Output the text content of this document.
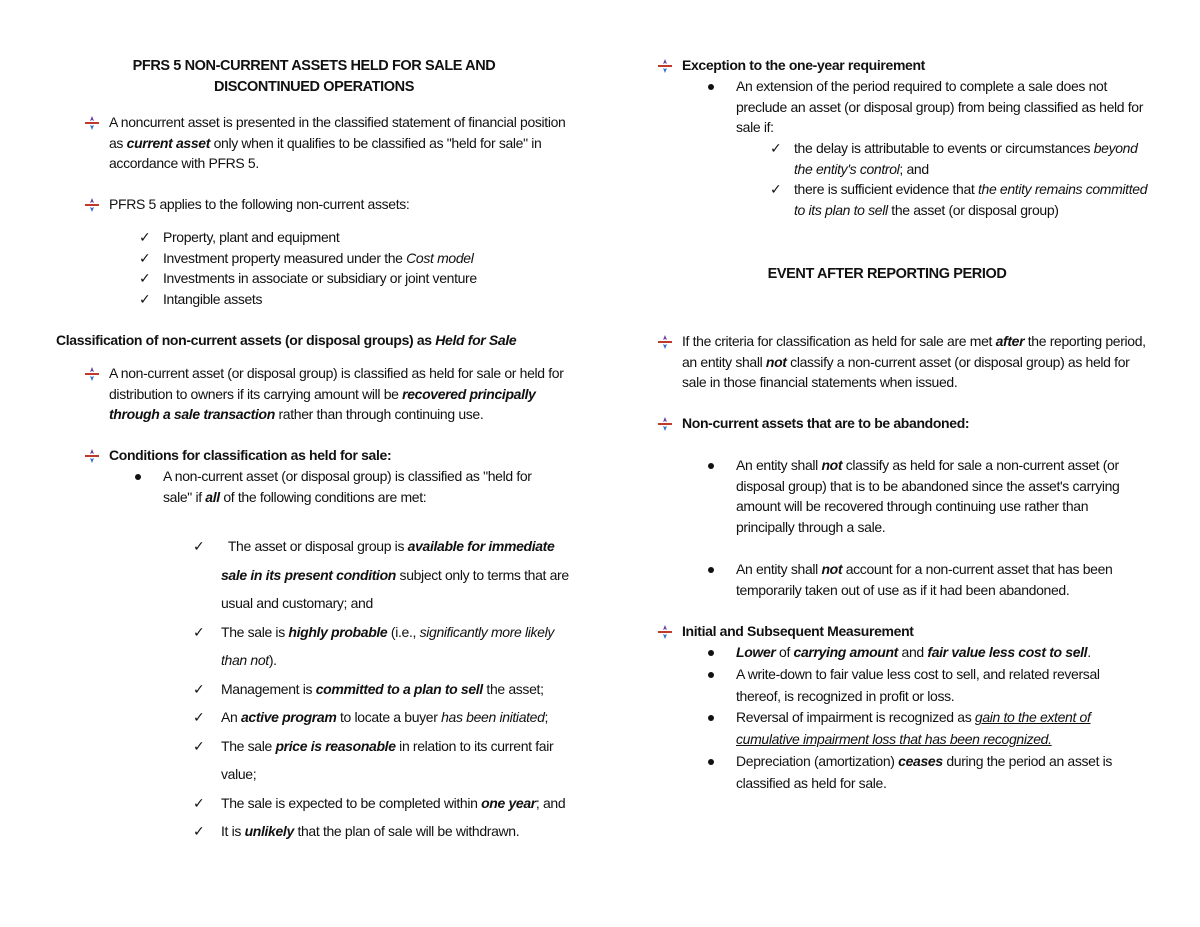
PFRS 5 NON-CURRENT ASSETS HELD FOR SALE AND DISCONTINUED OPERATIONS
A noncurrent asset is presented in the classified statement of financial position as current asset only when it qualifies to be classified as "held for sale" in accordance with PFRS 5.
PFRS 5 applies to the following non-current assets:
✓ Property, plant and equipment
✓ Investment property measured under the Cost model
✓ Investments in associate or subsidiary or joint venture
✓ Intangible assets
Classification of non-current assets (or disposal groups) as Held for Sale
A non-current asset (or disposal group) is classified as held for sale or held for distribution to owners if its carrying amount will be recovered principally through a sale transaction rather than through continuing use.
Conditions for classification as held for sale:
A non-current asset (or disposal group) is classified as "held for sale" if all of the following conditions are met:
✓ The asset or disposal group is available for immediate sale in its present condition subject only to terms that are usual and customary; and
✓ The sale is highly probable (i.e., significantly more likely than not).
✓ Management is committed to a plan to sell the asset;
✓ An active program to locate a buyer has been initiated;
✓ The sale price is reasonable in relation to its current fair value;
✓ The sale is expected to be completed within one year; and
✓ It is unlikely that the plan of sale will be withdrawn.
Exception to the one-year requirement
An extension of the period required to complete a sale does not preclude an asset (or disposal group) from being classified as held for sale if:
✓ the delay is attributable to events or circumstances beyond the entity's control; and
✓ there is sufficient evidence that the entity remains committed to its plan to sell the asset (or disposal group)
EVENT AFTER REPORTING PERIOD
If the criteria for classification as held for sale are met after the reporting period, an entity shall not classify a non-current asset (or disposal group) as held for sale in those financial statements when issued.
Non-current assets that are to be abandoned:
An entity shall not classify as held for sale a non-current asset (or disposal group) that is to be abandoned since the asset's carrying amount will be recovered through continuing use rather than principally through a sale.
An entity shall not account for a non-current asset that has been temporarily taken out of use as if it had been abandoned.
Initial and Subsequent Measurement
Lower of carrying amount and fair value less cost to sell.
A write-down to fair value less cost to sell, and related reversal thereof, is recognized in profit or loss.
Reversal of impairment is recognized as gain to the extent of cumulative impairment loss that has been recognized.
Depreciation (amortization) ceases during the period an asset is classified as held for sale.
